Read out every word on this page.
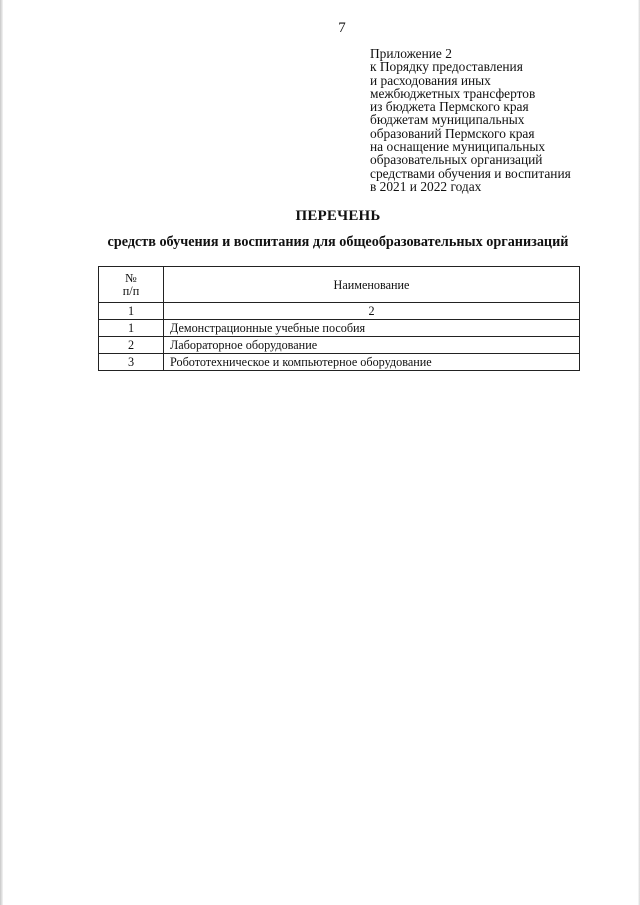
7
Приложение 2
к Порядку предоставления
и расходования иных
межбюджетных трансфертов
из бюджета Пермского края
бюджетам муниципальных
образований Пермского края
на оснащение муниципальных
образовательных организаций
средствами обучения и воспитания
в 2021 и 2022 годах
ПЕРЕЧЕНЬ
средств обучения и воспитания для общеобразовательных организаций
№
п/п	Наименование
1	2
1	Демонстрационные учебные пособия
2	Лабораторное оборудование
3	Робототехническое и компьютерное оборудование
